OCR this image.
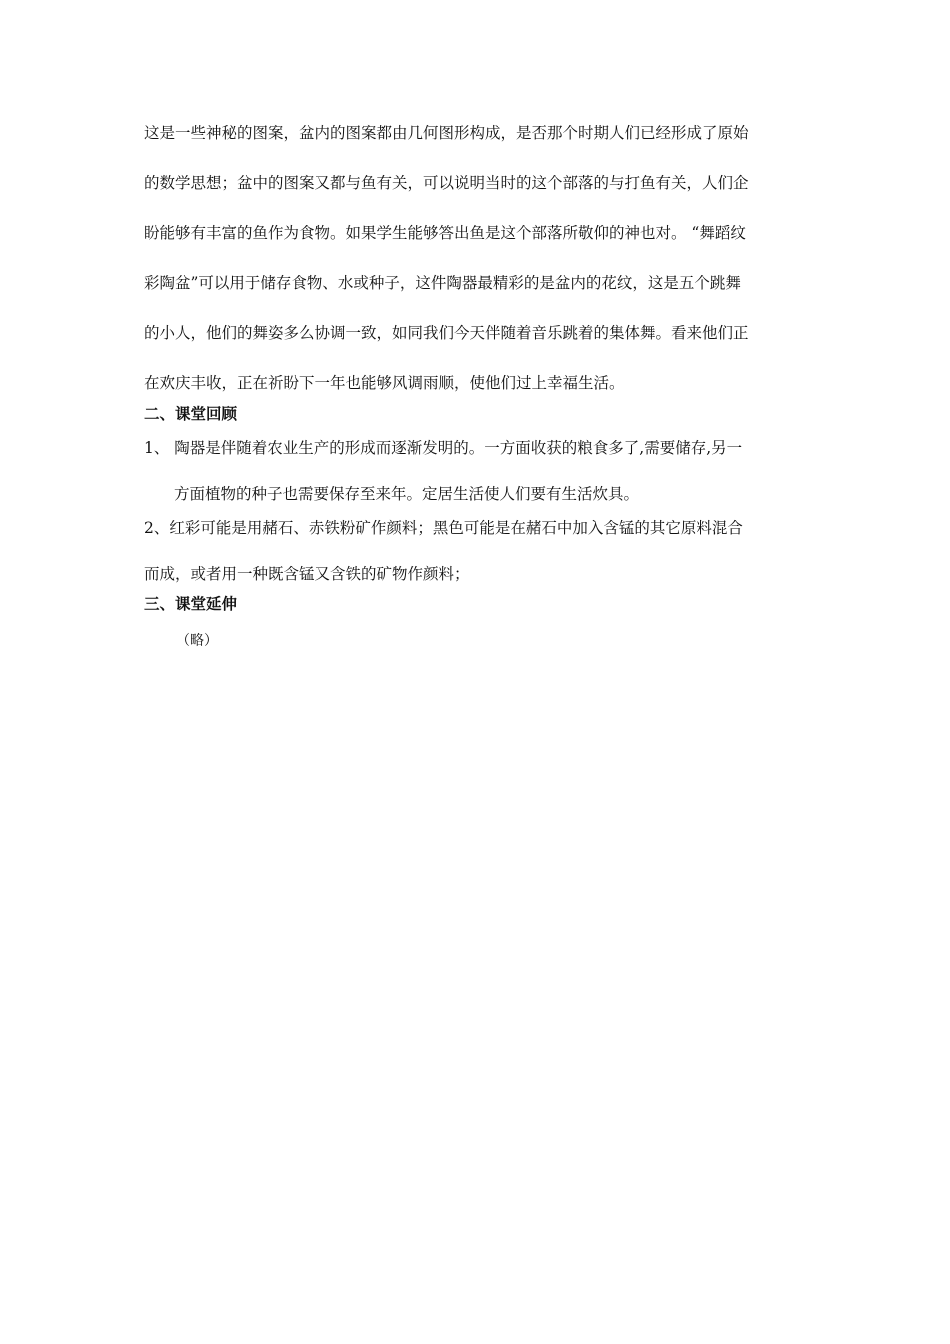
这是一些神秘的图案，盆内的图案都由几何图形构成，是否那个时期人们已经形成了原始
的数学思想；盆中的图案又都与鱼有关，可以说明当时的这个部落的与打鱼有关，人们企
盼能够有丰富的鱼作为食物。如果学生能够答出鱼是这个部落所敬仰的神也对。 “舞蹈纹
彩陶盆”可以用于储存食物、水或种子，这件陶器最精彩的是盆内的花纹，这是五个跳舞
的小人，他们的舞姿多么协调一致，如同我们今天伴随着音乐跳着的集体舞。看来他们正
在欢庆丰收，正在祈盼下一年也能够风调雨顺，使他们过上幸福生活。
二、课堂回顾
1、 陶器是伴随着农业生产的形成而逐渐发明的。一方面收获的粮食多了,需要储存,另一
方面植物的种子也需要保存至来年。定居生活使人们要有生活炊具。
2、红彩可能是用赭石、赤铁粉矿作颜料；黑色可能是在赭石中加入含锰的其它原料混合
而成，或者用一种既含锰又含铁的矿物作颜料；
三、课堂延伸

（略）
